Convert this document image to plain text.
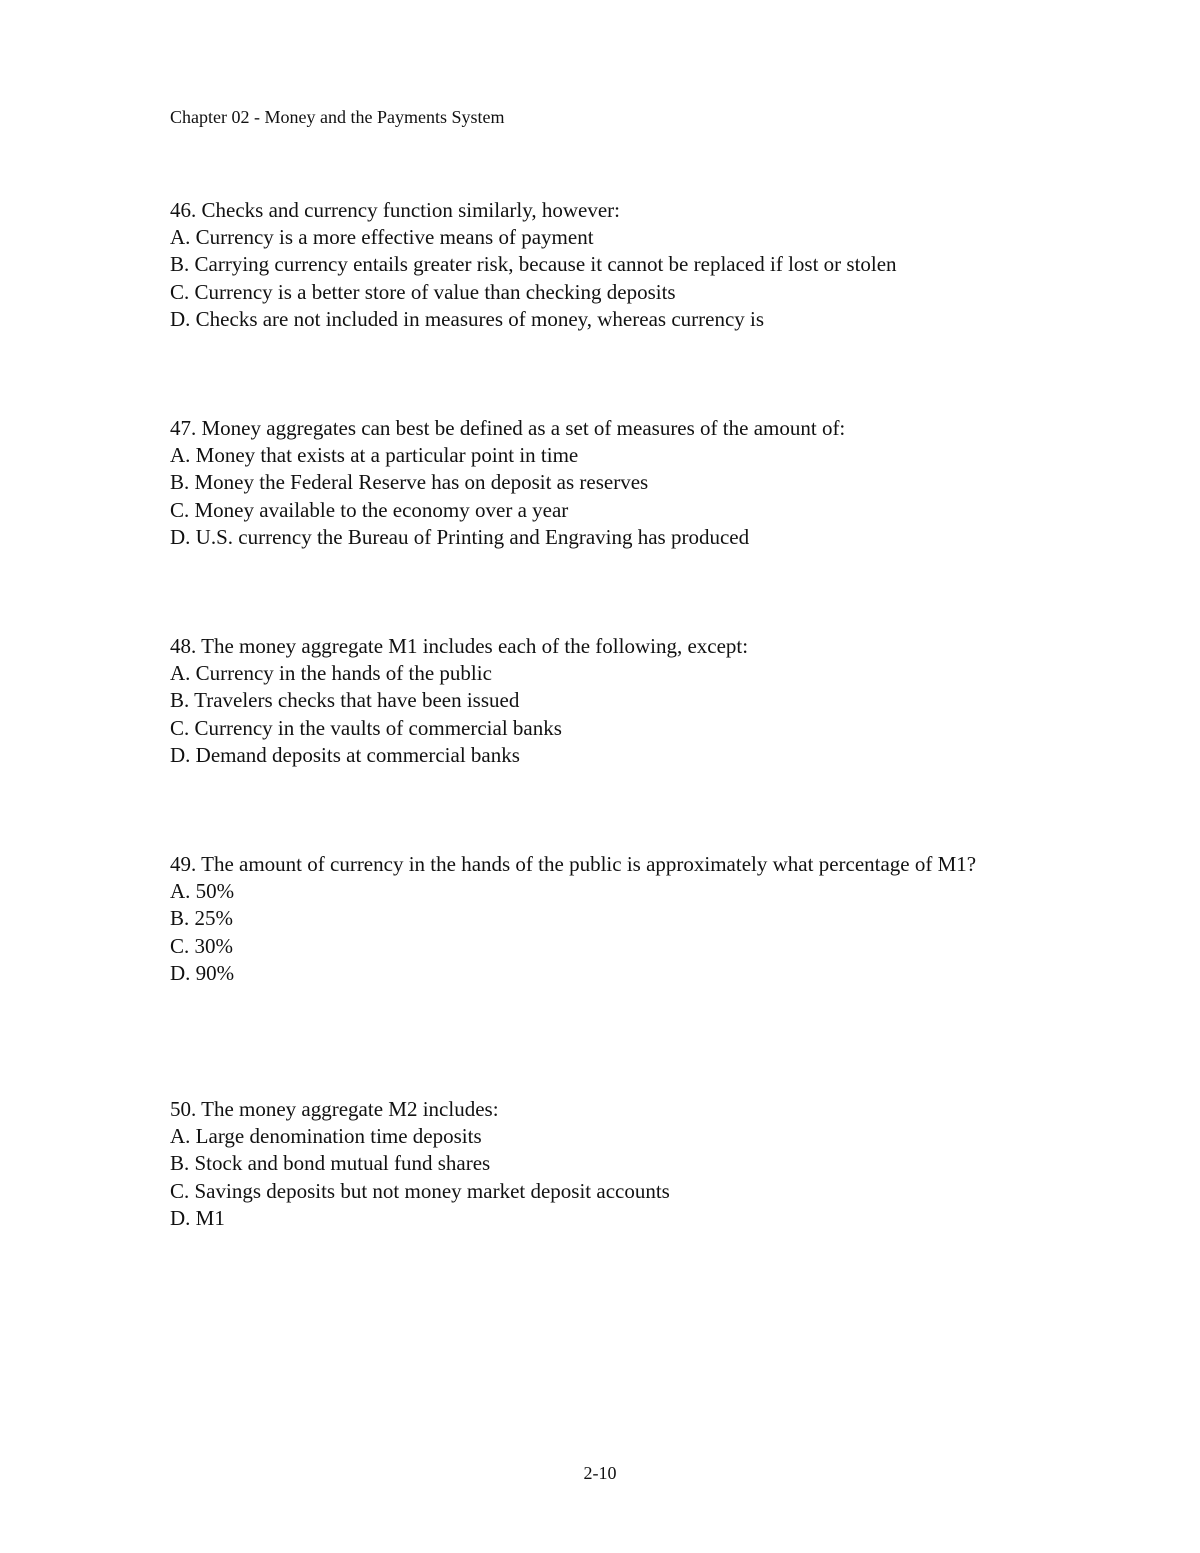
Chapter 02 - Money and the Payments System
46. Checks and currency function similarly, however:
A. Currency is a more effective means of payment
B. Carrying currency entails greater risk, because it cannot be replaced if lost or stolen
C. Currency is a better store of value than checking deposits
D. Checks are not included in measures of money, whereas currency is
47. Money aggregates can best be defined as a set of measures of the amount of:
A. Money that exists at a particular point in time
B. Money the Federal Reserve has on deposit as reserves
C. Money available to the economy over a year
D. U.S. currency the Bureau of Printing and Engraving has produced
48. The money aggregate M1 includes each of the following, except:
A. Currency in the hands of the public
B. Travelers checks that have been issued
C. Currency in the vaults of commercial banks
D. Demand deposits at commercial banks
49. The amount of currency in the hands of the public is approximately what percentage of M1?
A. 50%
B. 25%
C. 30%
D. 90%
50. The money aggregate M2 includes:
A. Large denomination time deposits
B. Stock and bond mutual fund shares
C. Savings deposits but not money market deposit accounts
D. M1
2-10
